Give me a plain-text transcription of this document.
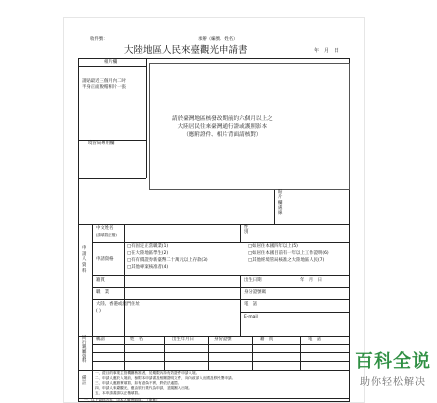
收件號：	承辦（編號．姓名）
大陸地區人民來臺觀光申請書	年　月　日
相片欄
請貼最近三個月內二吋
半身正面脫帽相片一張
境管局專用欄
請於臺灣地區核發改期前約六個月以上之
大陸居民往來臺灣通行證或護照影本
（應附證件、相片背面請核對）
貼
片
欄
處
線
申
請
人
資
料
中文姓名
(請填寫正楷)
性
別
申請資格
□有固定正當職業(1)
□在大陸地區學生(2)
□有有價證券新臺幣二十萬元以上存款(3)
□其他專案核准者(4)
□如居住本國四年以上(5)
□如居住本國目前有一年以上工作證明(6)
□其他經境管局核准之大陸地區人民(7)
籍貫	出生日期	年　月　日
職　業	身分證號碼
大陸、香港或澳門住址
( )
電　話
E-mail
同
行
親
屬
資
料
稱謂	姓　名	出生年月日	身份證號	籍　貫	電　話
備
註
一、經目的事業主管機關核准者，於期限內持有效證件申請入境。
二、申請人應於入境前，檢附本申請書及相關證明文件，向內政部入出國及移民署申請。
三、申請人應據實填寫，如有虛偽不實，將依法處罰。
四、申請人來臺觀光，應由旅行業代為申請，並隨團入出境。
五、本申請書請以正楷填寫。
一、以上資料內容，由本人確實填寫。（簽章）
百科全说
助你轻松解决
